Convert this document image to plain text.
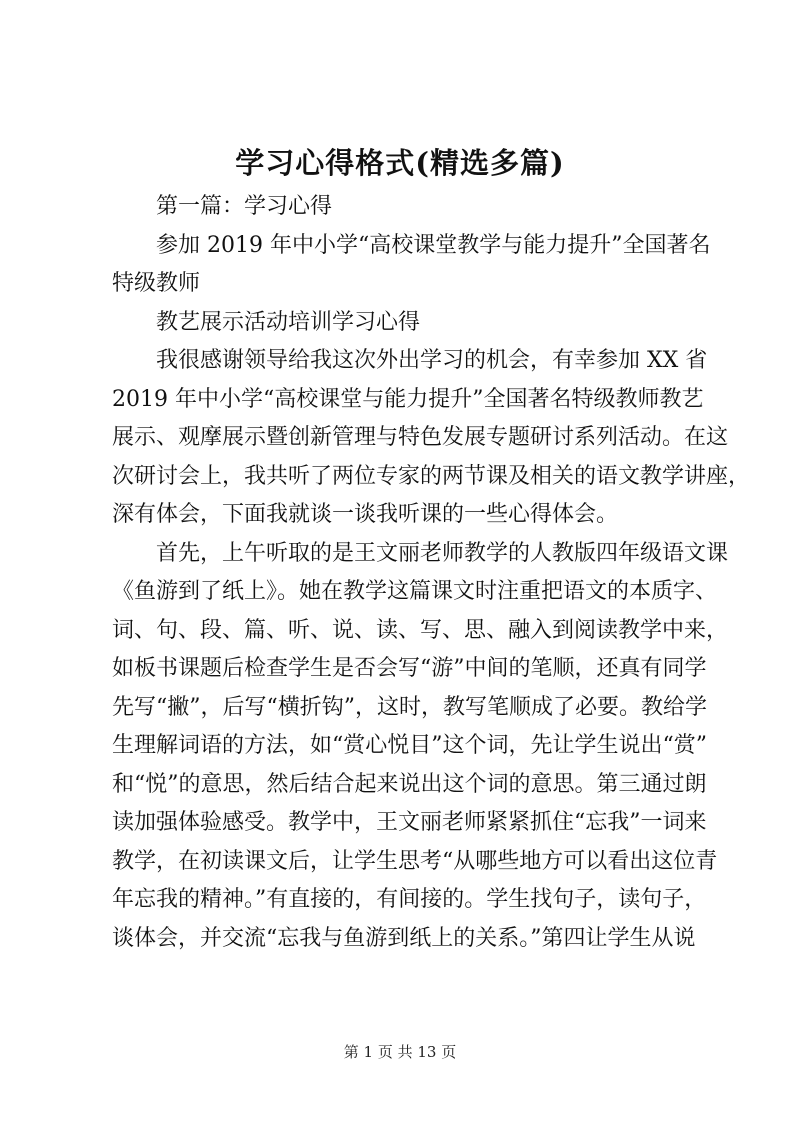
学习心得格式(精选多篇)

第一篇：学习心得

参加 2019 年中小学“高校课堂教学与能力提升”全国著名
特级教师

教艺展示活动培训学习心得

我很感谢领导给我这次外出学习的机会，有幸参加 XX 省
2019 年中小学“高校课堂与能力提升”全国著名特级教师教艺
展示、观摩展示暨创新管理与特色发展专题研讨系列活动。在这
次研讨会上，我共听了两位专家的两节课及相关的语文教学讲座，
深有体会，下面我就谈一谈我听课的一些心得体会。

首先，上午听取的是王文丽老师教学的人教版四年级语文课
《鱼游到了纸上》。她在教学这篇课文时注重把语文的本质字、
词、句、段、篇、听、说、读、写、思、融入到阅读教学中来，
如板书课题后检查学生是否会写“游”中间的笔顺，还真有同学
先写“撇”，后写“横折钩”，这时，教写笔顺成了必要。教给学
生理解词语的方法，如“赏心悦目”这个词，先让学生说出“赏”
和“悦”的意思，然后结合起来说出这个词的意思。第三通过朗
读加强体验感受。教学中，王文丽老师紧紧抓住“忘我”一词来
教学，在初读课文后，让学生思考“从哪些地方可以看出这位青
年忘我的精神。”有直接的，有间接的。学生找句子，读句子，
谈体会，并交流“忘我与鱼游到纸上的关系。”第四让学生从说

第 1 页 共 13 页
